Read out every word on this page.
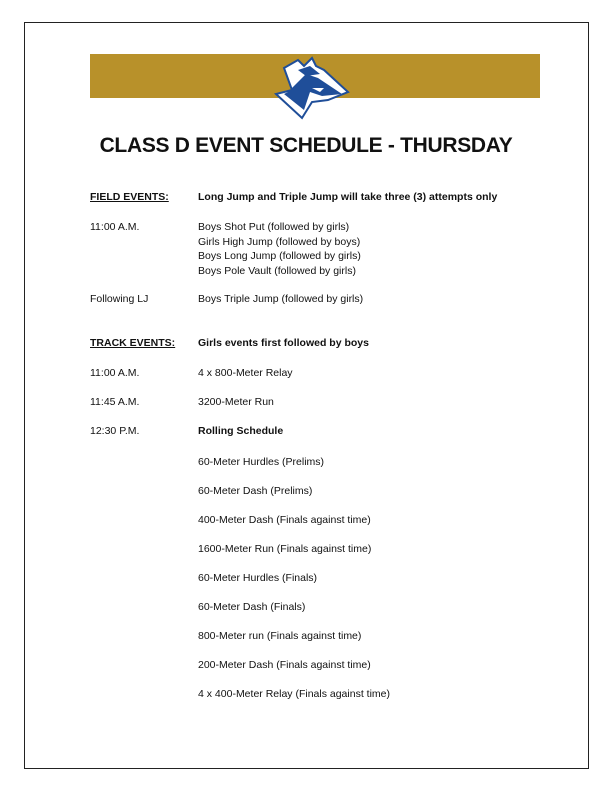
CLASS D EVENT SCHEDULE - THURSDAY
FIELD EVENTS:	Long Jump and Triple Jump will take three (3) attempts only
11:00 A.M.	Boys Shot Put (followed by girls)
Girls High Jump (followed by boys)
Boys Long Jump (followed by girls)
Boys Pole Vault (followed by girls)
Following LJ	Boys Triple Jump (followed by girls)
TRACK EVENTS: Girls events first followed by boys
11:00 A.M.	4 x 800-Meter Relay
11:45 A.M.	3200-Meter Run
12:30 P.M.	Rolling Schedule
60-Meter Hurdles (Prelims)
60-Meter Dash (Prelims)
400-Meter Dash (Finals against time)
1600-Meter Run (Finals against time)
60-Meter Hurdles (Finals)
60-Meter Dash (Finals)
800-Meter run (Finals against time)
200-Meter Dash (Finals against time)
4 x 400-Meter Relay (Finals against time)
